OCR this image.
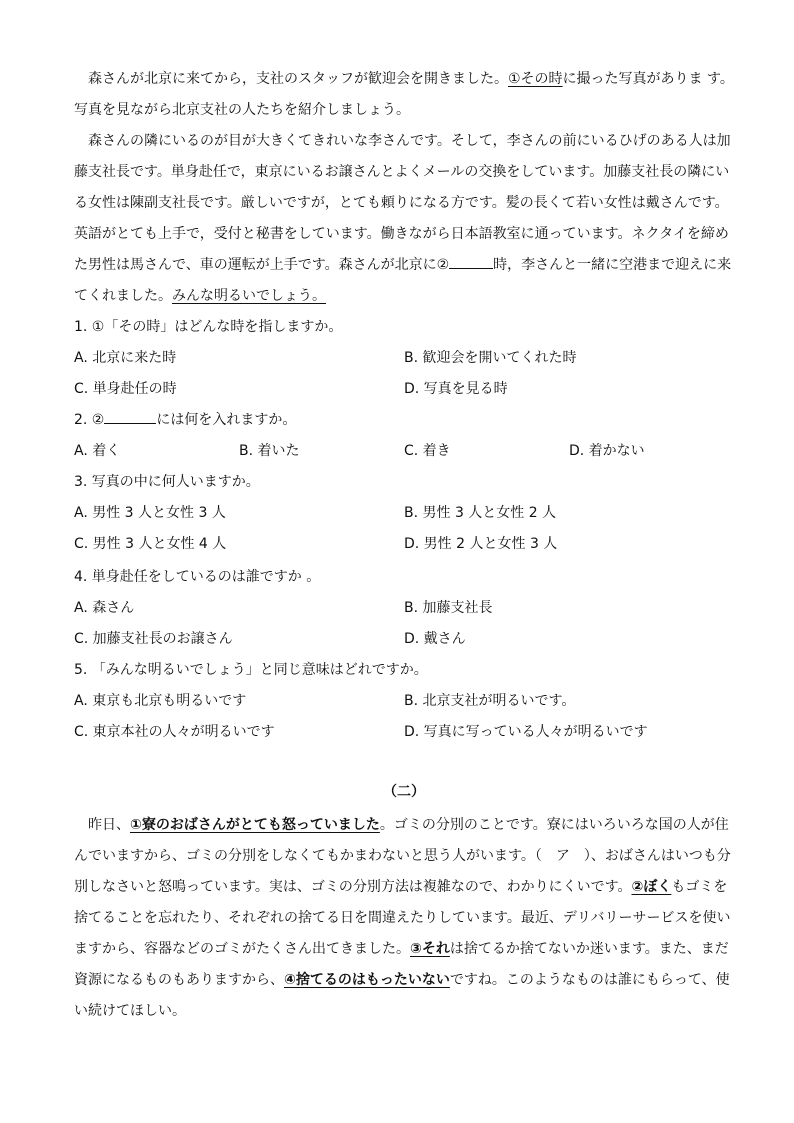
森さんが北京に来てから，支社のスタッフが歓迎会を開きました。①その時に撮った写真がありま す。写真を見ながら北京支社の人たちを紹介しましょう。

森さんの隣にいるのが目が大きくてきれいな李さんです。そして，李さんの前にいるひげのある人は加藤支社長です。単身赴任で，東京にいるお譲さんとよくメールの交換をしています。加藤支社長の隣にいる女性は陳副支社長です。厳しいですが，とても頼りになる方です。髪の長くて若い女性は戴さんです。英語がとても上手で，受付と秘書をしています。働きながら日本語教室に通っています。ネクタイを締めた男性は馬さんで、車の運転が上手です。森さんが北京に②	時，李さんと一緒に空港まで迎えに来てくれました。みんな明るいでしょう。

1. ①「その時」はどんな時を指しますか。

A. 北京に来た時	B. 歓迎会を開いてくれた時
C. 単身赴任の時	D. 写真を見る時

2. ②	には何を入れますか。

A. 着く	B. 着いた	C. 着き	D. 着かない

3. 写真の中に何人いますか。

A. 男性 3 人と女性 3 人	B. 男性 3 人と女性 2 人
C. 男性 3 人と女性 4 人	D. 男性 2 人と女性 3 人

4. 単身赴任をしているのは誰ですか 。

A. 森さん	B. 加藤支社長
C. 加藤支社長のお譲さん	D. 戴さん

5. 「みんな明るいでしょう」と同じ意味はどれですか。

A. 東京も北京も明るいです	B. 北京支社が明るいです。
C. 東京本社の人々が明るいです	D. 写真に写っている人々が明るいです
（二）

昨日、①寮のおばさんがとても怒っていました。ゴミの分別のことです。寮にはいろいろな国の人が住んでいますから、ゴミの分別をしなくてもかまわないと思う人がいます。（　ア　）、おばさんはいつも分別しなさいと怒鳴っています。実は、ゴミの分別方法は複雑なので、わかりにくいです。②ぼくもゴミを捨てることを忘れたり、それぞれの捨てる日を間違えたりしています。最近、デリバリーサービスを使いますから、容器などのゴミがたくさん出てきました。③それは捨てるか捨てないか迷います。また、まだ資源になるものもありますから、④捨てるのはもったいないですね。このようなものは誰にもらって、使い続けてほしい。
